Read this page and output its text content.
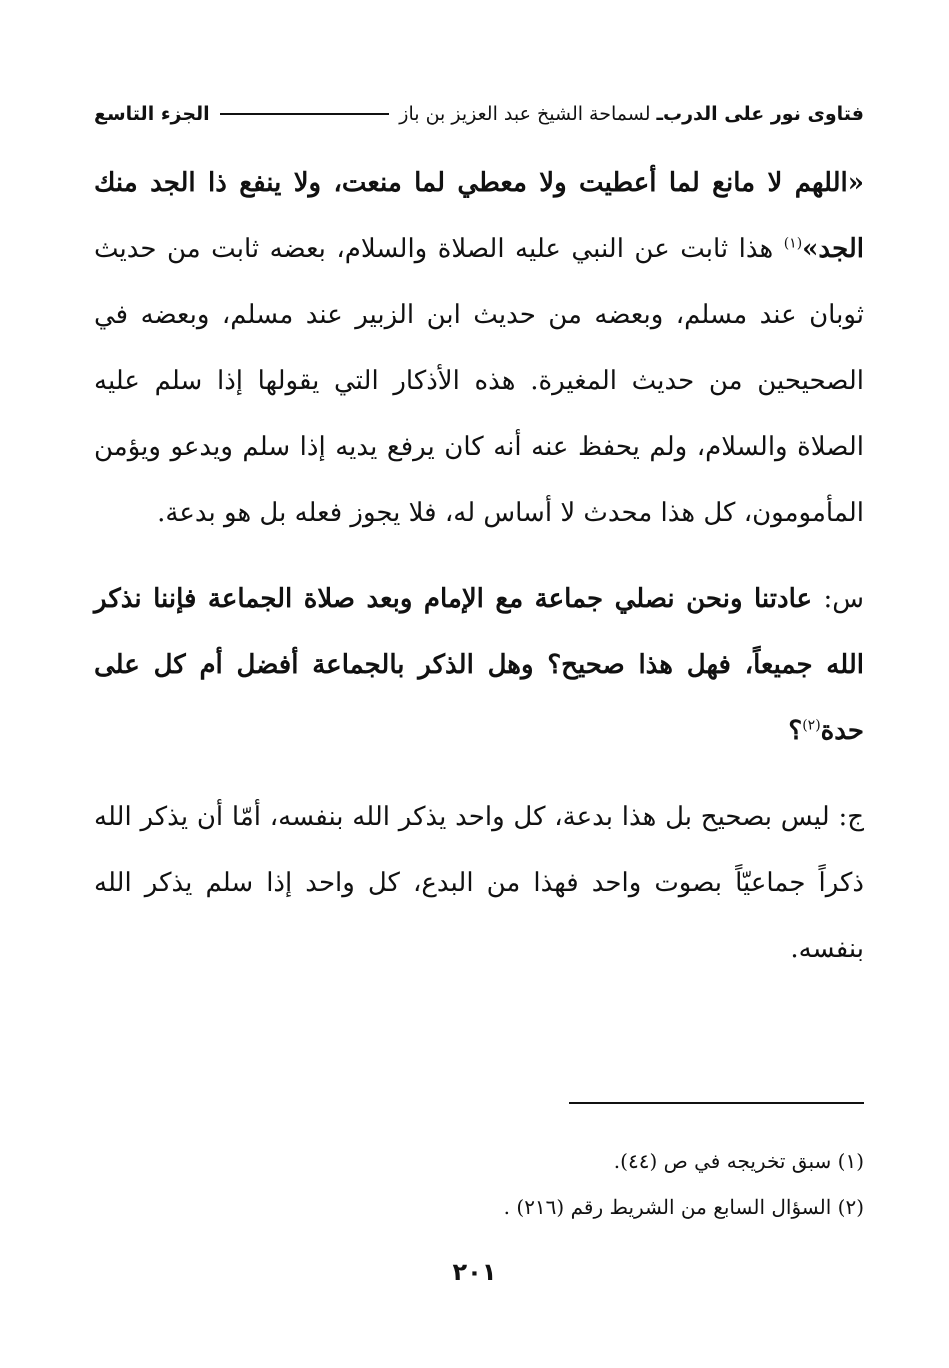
فتاوى نور على الدرب
ـ
لسماحة الشيخ عبد العزيز بن باز
الجزء التاسع

«اللهم لا مانع لما أعطيت ولا معطي لما منعت، ولا ينفع ذا الجد منك الجد»$^{(١)}$ هذا ثابت عن النبي عليه الصلاة والسلام، بعضه ثابت من حديث ثوبان عند مسلم، وبعضه من حديث ابن الزبير عند مسلم، وبعضه في الصحيحين من حديث المغيرة. هذه الأذكار التي يقولها إذا سلم عليه الصلاة والسلام، ولم يحفظ عنه أنه كان يرفع يديه إذا سلم ويدعو ويؤمن المأمومون، كل هذا محدث لا أساس له، فلا يجوز فعله بل هو بدعة.

س: عادتنا ونحن نصلي جماعة مع الإمام وبعد صلاة الجماعة فإننا نذكر الله جميعاً، فهل هذا صحيح؟ وهل الذكر بالجماعة أفضل أم كل على حدة$^{(٢)}$؟

ج: ليس بصحيح بل هذا بدعة، كل واحد يذكر الله بنفسه، أمّا أن يذكر الله ذكراً جماعيّاً بصوت واحد فهذا من البدع، كل واحد إذا سلم يذكر الله بنفسه.

(١) سبق تخريجه في ص (٤٤).

(٢) السؤال السابع من الشريط رقم (٢١٦) .

٢٠١
